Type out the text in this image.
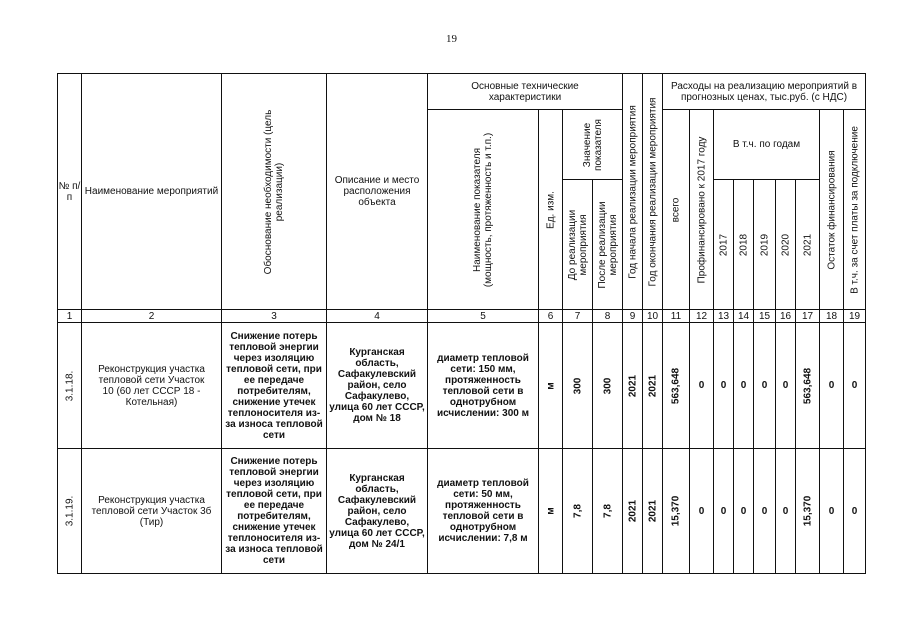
19
№ п/п	Наименование мероприятий	Обоснование необходимости (цель реализации)	Описание и место расположения объекта	Основные технические характеристики				Год начала реализации мероприятия	Год окончания реализации мероприятия	Расходы на реализацию мероприятий в прогнозных ценах, тыс.руб. (с НДС)								

				Наименование показателя (мощность, протяженность и т.п.)	Ед. изм.	Значение показателя				всего	Профинансировано к 2017 году	В т.ч. по годам					Остаток финансирования	В т.ч. за счет платы за подключение

						До реализации мероприятия	После реализации мероприятия					2017	2018	2019	2020	2021		

1	2	3	4	5	6	7	8	9	10	11	12	13	14	15	16	17	18	19

3.1.18.	Реконструкция участка тепловой сети Участок 10 (60 лет СССР 18 - Котельная)	Снижение потерь тепловой энергии через изоляцию тепловой сети, при ее передаче потребителям, снижение утечек теплоносителя из-за износа тепловой сети	Курганская область, Сафакулевский район, село Сафакулево, улица 60 лет СССР, дом № 18	диаметр тепловой сети: 150 мм, протяженность тепловой сети в однотрубном исчислении: 300 м	м	300	300	2021	2021	563,648	0	0	0	0	0	563,648	0	0

3.1.19.	Реконструкция участка тепловой сети Участок 3б (Тир)	Снижение потерь тепловой энергии через изоляцию тепловой сети, при ее передаче потребителям, снижение утечек теплоносителя из-за износа тепловой сети	Курганская область, Сафакулевский район, село Сафакулево, улица 60 лет СССР, дом № 24/1	диаметр тепловой сети: 50 мм, протяженность тепловой сети в однотрубном исчислении: 7,8 м	м	7,8	7,8	2021	2021	15,370	0	0	0	0	0	15,370	0	0
